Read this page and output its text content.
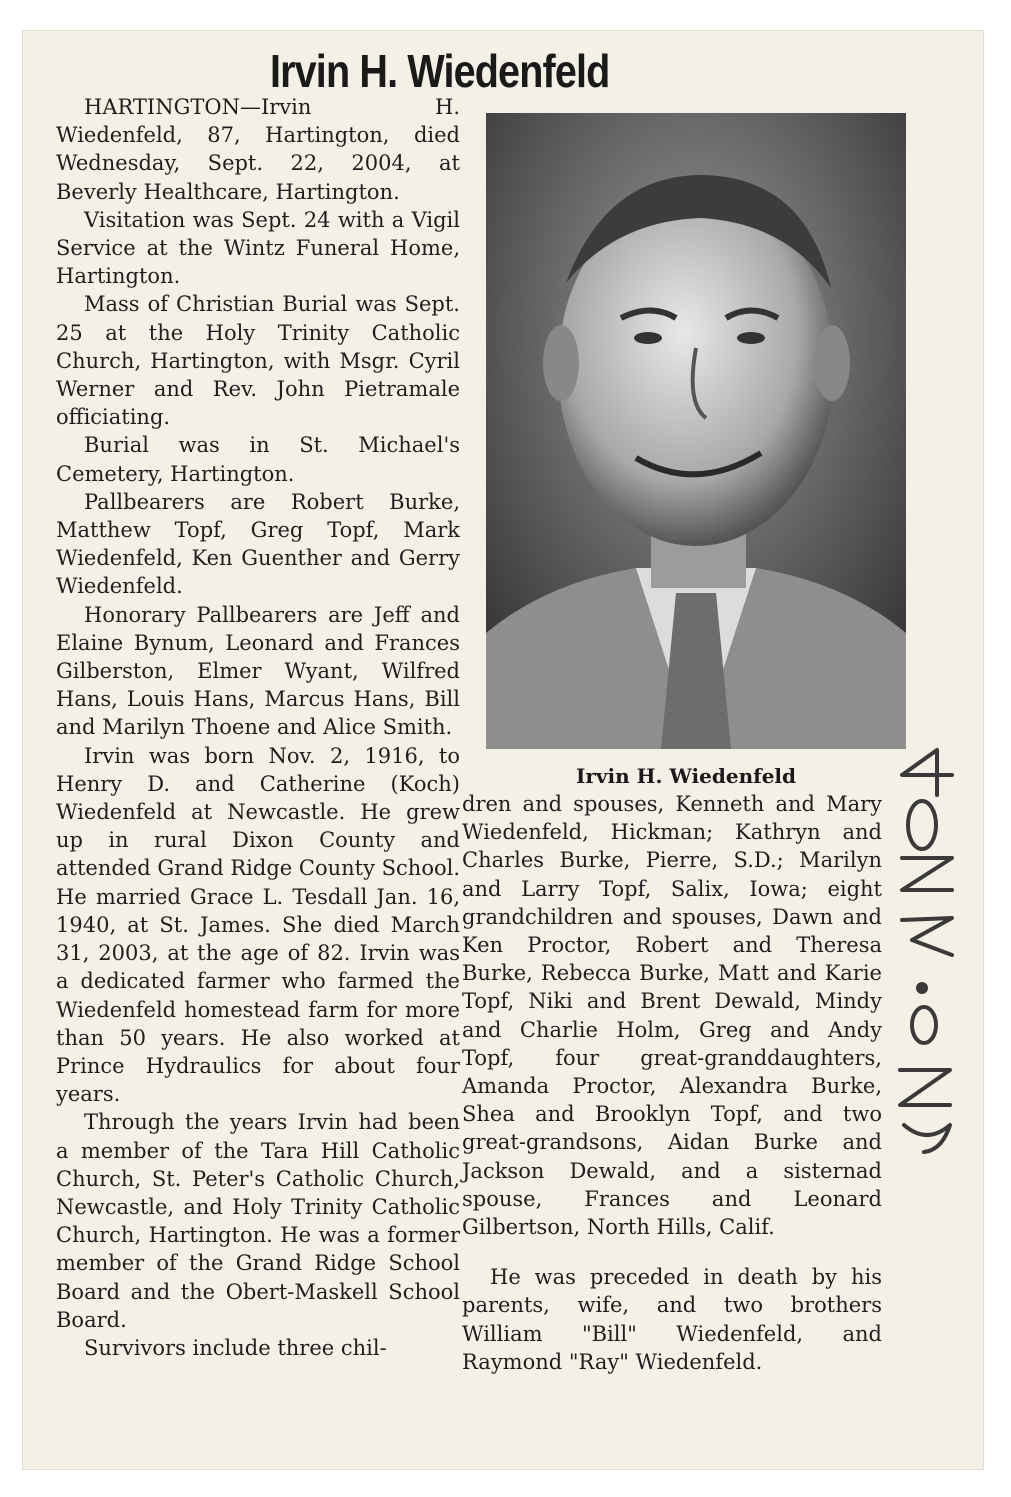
Irvin H. Wiedenfeld

HARTINGTON—Irvin H. Wiedenfeld, 87, Hartington, died Wednesday, Sept. 22, 2004, at Beverly Healthcare, Hartington.

Visitation was Sept. 24 with a Vigil Service at the Wintz Funeral Home, Hartington.

Mass of Christian Burial was Sept. 25 at the Holy Trinity Catholic Church, Hartington, with Msgr. Cyril Werner and Rev. John Pietramale officiating.

Burial was in St. Michael's Cemetery, Hartington.

Pallbearers are Robert Burke, Matthew Topf, Greg Topf, Mark Wiedenfeld, Ken Guenther and Gerry Wiedenfeld.

Honorary Pallbearers are Jeff and Elaine Bynum, Leonard and Frances Gilberston, Elmer Wyant, Wilfred Hans, Louis Hans, Marcus Hans, Bill and Marilyn Thoene and Alice Smith.

Irvin was born Nov. 2, 1916, to Henry D. and Catherine (Koch) Wiedenfeld at Newcastle. He grew up in rural Dixon County and attended Grand Ridge County School. He married Grace L. Tesdall Jan. 16, 1940, at St. James. She died March 31, 2003, at the age of 82. Irvin was a dedicated farmer who farmed the Wiedenfeld homestead farm for more than 50 years. He also worked at Prince Hydraulics for about four years.

Through the years Irvin had been a member of the Tara Hill Catholic Church, St. Peter's Catholic Church, Newcastle, and Holy Trinity Catholic Church, Hartington. He was a former member of the Grand Ridge School Board and the Obert-Maskell School Board.

Survivors include three chil-

Irvin H. Wiedenfeld

dren and spouses, Kenneth and Mary Wiedenfeld, Hickman; Kathryn and Charles Burke, Pierre, S.D.; Marilyn and Larry Topf, Salix, Iowa; eight grandchildren and spouses, Dawn and Ken Proctor, Robert and Theresa Burke, Rebecca Burke, Matt and Karie Topf, Niki and Brent Dewald, Mindy and Charlie Holm, Greg and Andy Topf, four great-granddaughters, Amanda Proctor, Alexandra Burke, Shea and Brooklyn Topf, and two great-grandsons, Aidan Burke and Jackson Dewald, and a sisternad spouse, Frances and Leonard Gilbertson, North Hills, Calif.

He was preceded in death by his parents, wife, and two brothers William "Bill" Wiedenfeld, and Raymond "Ray" Wiedenfeld.
